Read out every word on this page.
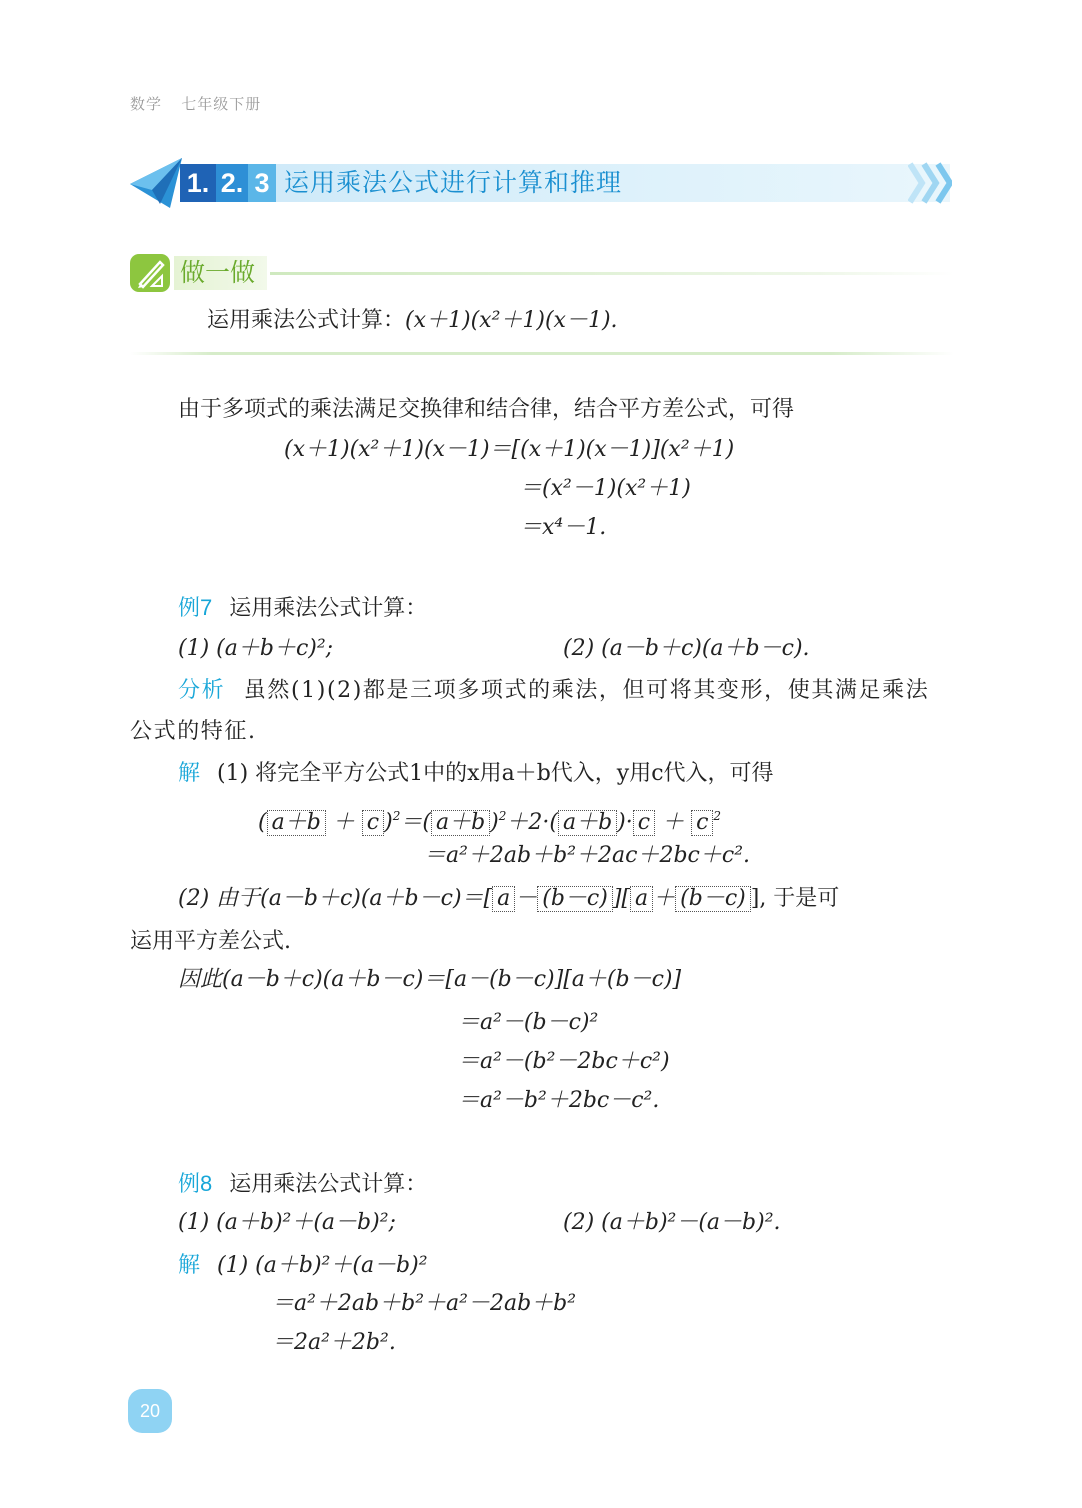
数学 七年级下册
1. 2. 3 运用乘法公式进行计算和推理
做一做
运用乘法公式计算：(x＋1)(x²＋1)(x－1).
由于多项式的乘法满足交换律和结合律，结合平方差公式，可得
(x＋1)(x²＋1)(x－1)＝[(x＋1)(x－1)](x²＋1)
＝(x²－1)(x²＋1)
＝x⁴－1.
例7 运用乘法公式计算：
(1) (a＋b＋c)²;	(2) (a－b＋c)(a＋b－c).
分析 虽然(1)(2)都是三项多项式的乘法，但可将其变形，使其满足乘法
公式的特征.
解 (1) 将完全平方公式1中的x用a＋b代入，y用c代入，可得
( a＋b ＋ c )$^2$＝( a＋b )$^2$＋2·( a＋b )· c ＋ c $^2$
＝a²＋2ab＋b²＋2ac＋2bc＋c².
(2) 由于(a－b＋c)(a＋b－c)＝[ a － (b－c) ][ a ＋ (b－c) ], 于是可
运用平方差公式.
因此(a－b＋c)(a＋b－c)＝[a－(b－c)][a＋(b－c)]
＝a²－(b－c)²
＝a²－(b²－2bc＋c²)
＝a²－b²＋2bc－c².
例8 运用乘法公式计算：
(1) (a＋b)²＋(a－b)²;	(2) (a＋b)²－(a－b)².
解 (1) (a＋b)²＋(a－b)²
＝a²＋2ab＋b²＋a²－2ab＋b²
＝2a²＋2b².
20
